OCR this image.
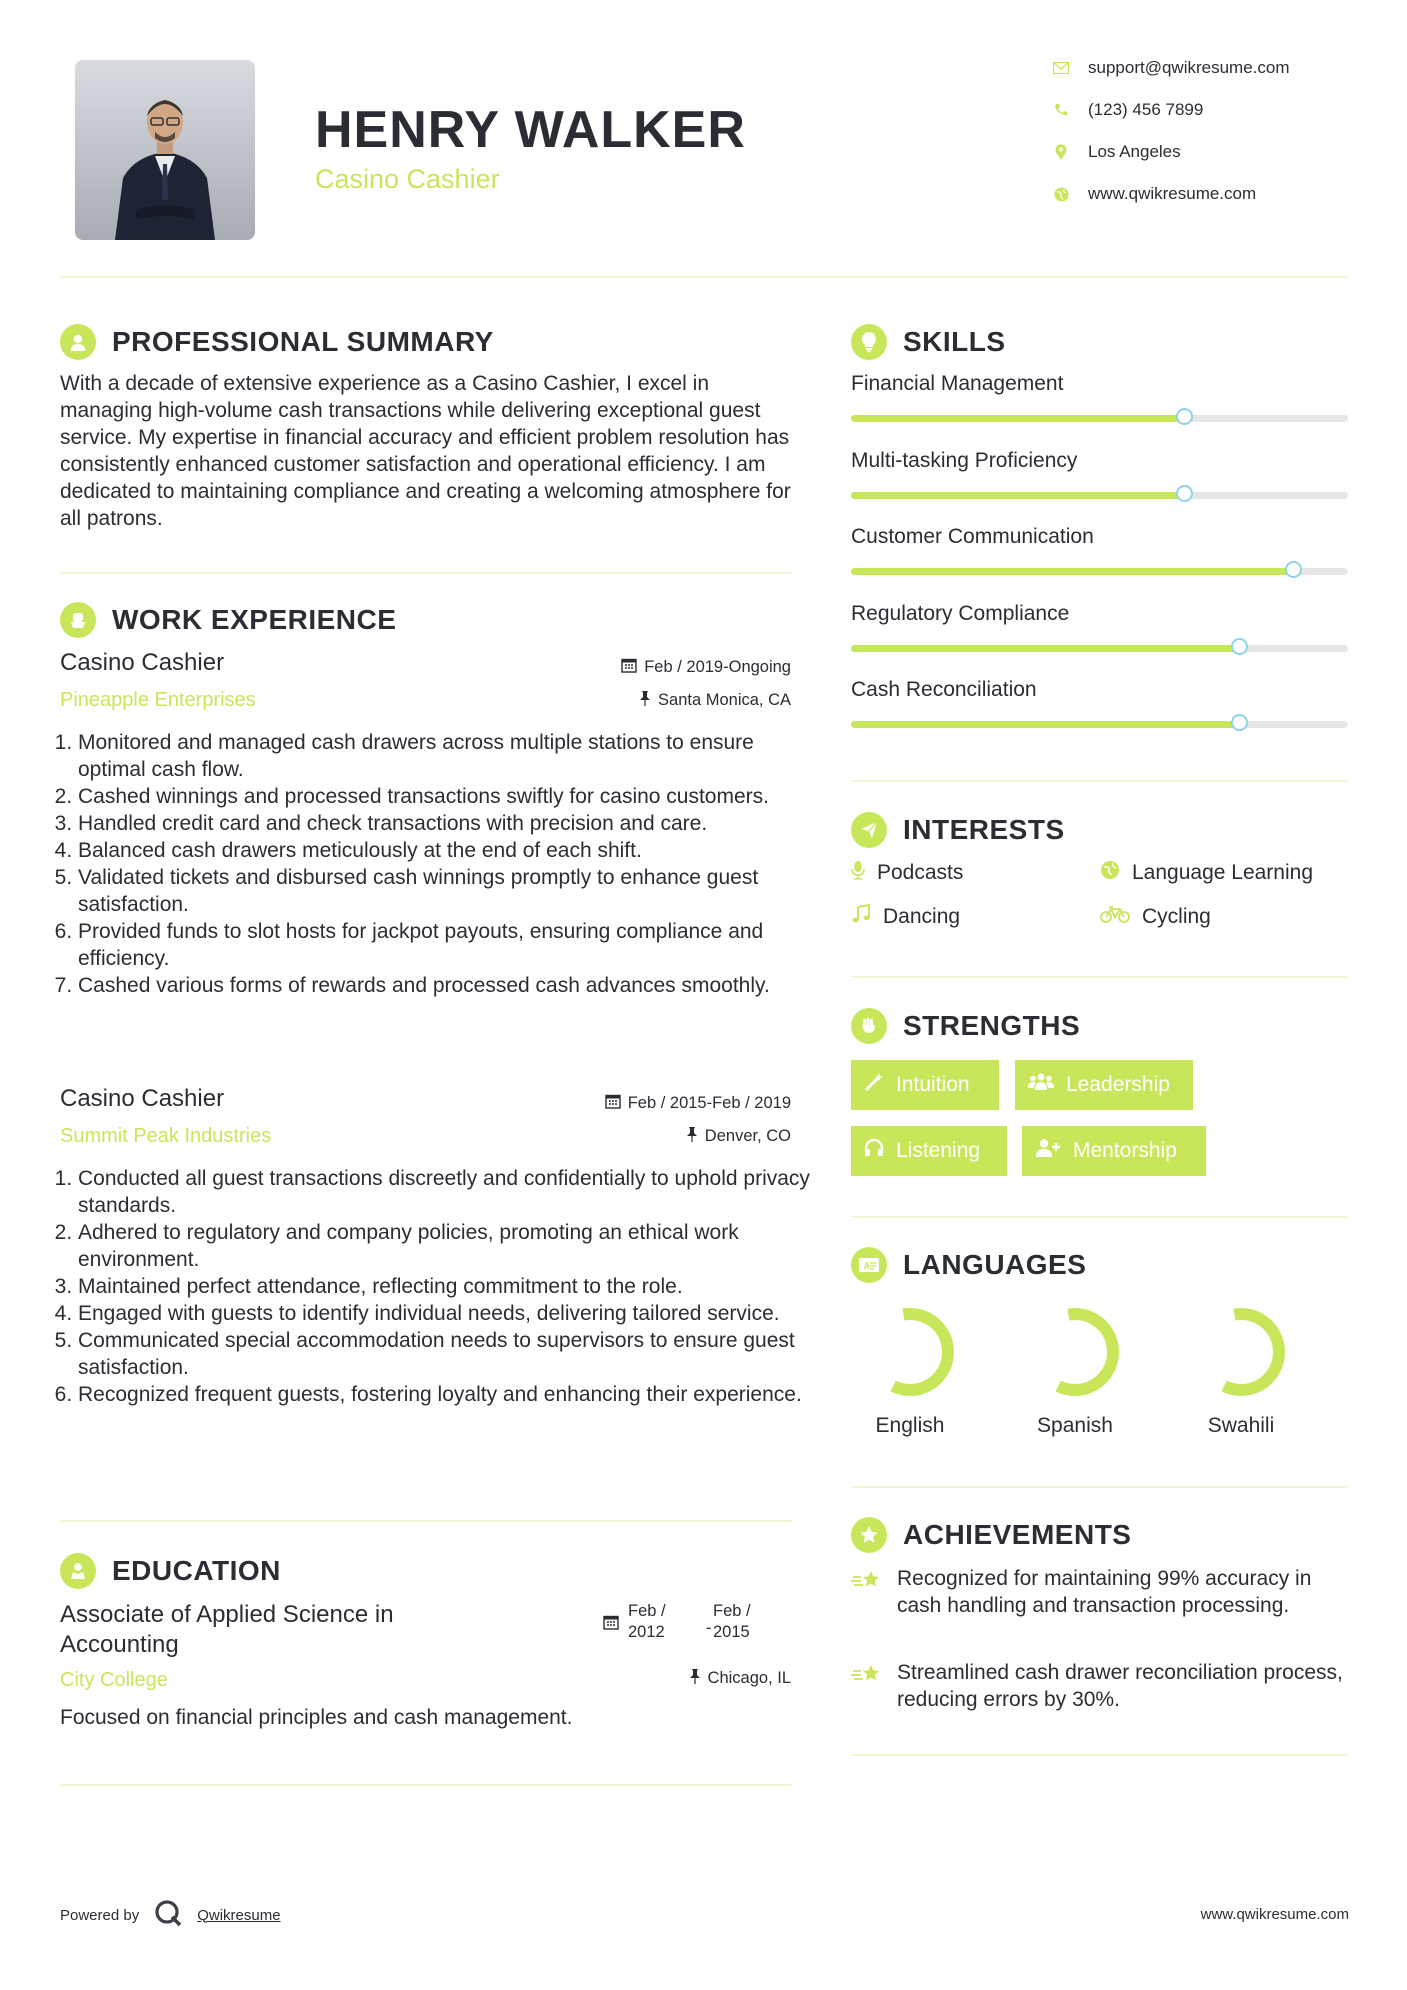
HENRY WALKER
Casino Cashier
support@qwikresume.com
(123) 456 7899
Los Angeles
www.qwikresume.com
PROFESSIONAL SUMMARY
With a decade of extensive experience as a Casino Cashier, I excel in managing high-volume cash transactions while delivering exceptional guest service. My expertise in financial accuracy and efficient problem resolution has consistently enhanced customer satisfaction and operational efficiency. I am dedicated to maintaining compliance and creating a welcoming atmosphere for all patrons.
WORK EXPERIENCE
Casino Cashier	Feb / 2019-Ongoing
Pineapple Enterprises	Santa Monica, CA
1. Monitored and managed cash drawers across multiple stations to ensure optimal cash flow.
2. Cashed winnings and processed transactions swiftly for casino customers.
3. Handled credit card and check transactions with precision and care.
4. Balanced cash drawers meticulously at the end of each shift.
5. Validated tickets and disbursed cash winnings promptly to enhance guest satisfaction.
6. Provided funds to slot hosts for jackpot payouts, ensuring compliance and efficiency.
7. Cashed various forms of rewards and processed cash advances smoothly.
Casino Cashier	Feb / 2015-Feb / 2019
Summit Peak Industries	Denver, CO
1. Conducted all guest transactions discreetly and confidentially to uphold privacy standards.
2. Adhered to regulatory and company policies, promoting an ethical work environment.
3. Maintained perfect attendance, reflecting commitment to the role.
4. Engaged with guests to identify individual needs, delivering tailored service.
5. Communicated special accommodation needs to supervisors to ensure guest satisfaction.
6. Recognized frequent guests, fostering loyalty and enhancing their experience.
EDUCATION
Associate of Applied Science in
Accounting
Feb /
2012	-
Feb /
2015
City College	Chicago, IL
Focused on financial principles and cash management.
SKILLS
Financial Management
Multi-tasking Proficiency
Customer Communication
Regulatory Compliance
Cash Reconciliation
INTERESTS
Podcasts	Language Learning
Dancing	Cycling
STRENGTHS
Intuition	Leadership
Listening	Mentorship
A LANGUAGES
English	Spanish	Swahili
ACHIEVEMENTS
Recognized for maintaining 99% accuracy in cash handling and transaction processing.
Streamlined cash drawer reconciliation process, reducing errors by 30%.
Powered by	Qwikresume	www.qwikresume.com
